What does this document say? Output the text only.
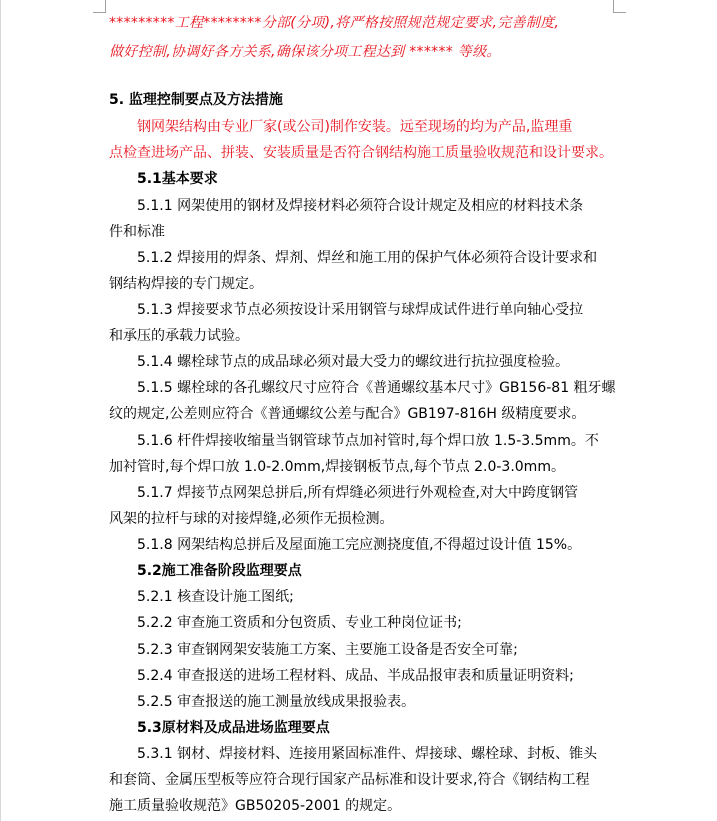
*********工程********分部(分项),将严格按照规范规定要求,完善制度,
做好控制,协调好各方关系,确保该分项工程达到 ****** 等级。
5. 监理控制要点及方法措施
钢网架结构由专业厂家(或公司)制作安装。远至现场的均为产品,监理重
点检查进场产品、拼装、安装质量是否符合钢结构施工质量验收规范和设计要求。
5.1基本要求
5.1.1 网架使用的钢材及焊接材料必须符合设计规定及相应的材料技术条
件和标准
5.1.2 焊接用的焊条、焊剂、焊丝和施工用的保护气体必须符合设计要求和
钢结构焊接的专门规定。
5.1.3 焊接要求节点必须按设计采用钢管与球焊成试件进行单向轴心受拉
和承压的承载力试验。
5.1.4 螺栓球节点的成品球必须对最大受力的螺纹进行抗拉强度检验。
5.1.5 螺栓球的各孔螺纹尺寸应符合《普通螺纹基本尺寸》GB156-81 粗牙螺
纹的规定,公差则应符合《普通螺纹公差与配合》GB197-816H 级精度要求。
5.1.6 杆件焊接收缩量当钢管球节点加衬管时,每个焊口放 1.5-3.5mm。不
加衬管时,每个焊口放 1.0-2.0mm,焊接钢板节点,每个节点 2.0-3.0mm。
5.1.7 焊接节点网架总拼后,所有焊缝必须进行外观检查,对大中跨度钢管
风架的拉杆与球的对接焊缝,必须作无损检测。
5.1.8 网架结构总拼后及屋面施工完应测挠度值,不得超过设计值 15%。
5.2施工准备阶段监理要点
5.2.1 核查设计施工图纸;
5.2.2 审查施工资质和分包资质、专业工种岗位证书;
5.2.3 审查钢网架安装施工方案、主要施工设备是否安全可靠;
5.2.4 审查报送的进场工程材料、成品、半成品报审表和质量证明资料;
5.2.5 审查报送的施工测量放线成果报验表。
5.3原材料及成品进场监理要点
5.3.1 钢材、焊接材料、连接用紧固标准件、焊接球、螺栓球、封板、锥头
和套筒、金属压型板等应符合现行国家产品标准和设计要求,符合《钢结构工程
施工质量验收规范》GB50205-2001 的规定。
